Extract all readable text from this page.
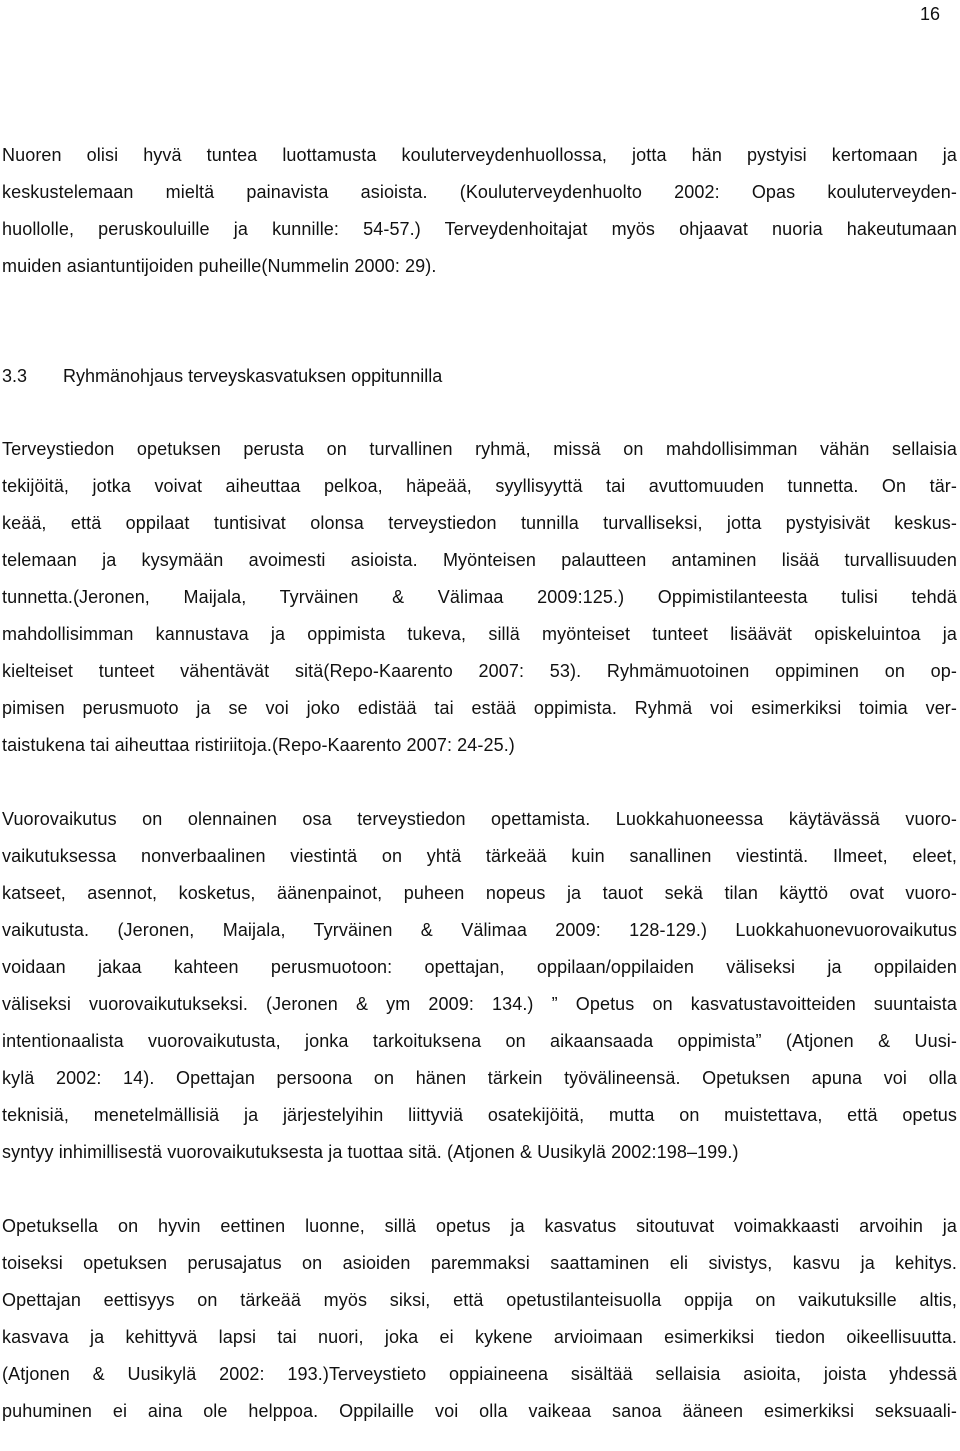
16

Nuoren olisi hyvä tuntea luottamusta kouluterveydenhuollossa, jotta hän pystyisi kertomaan ja
keskustelemaan mieltä painavista asioista. (Kouluterveydenhuolto 2002: Opas kouluterveyden-
huollolle, peruskouluille ja kunnille: 54-57.) Terveydenhoitajat myös ohjaavat nuoria hakeutumaan
muiden asiantuntijoiden puheille(Nummelin 2000: 29).

3.3 Ryhmänohjaus terveyskasvatuksen oppitunnilla

Terveystiedon opetuksen perusta on turvallinen ryhmä, missä on mahdollisimman vähän sellaisia
tekijöitä, jotka voivat aiheuttaa pelkoa, häpeää, syyllisyyttä tai avuttomuuden tunnetta. On tär-
keää, että oppilaat tuntisivat olonsa terveystiedon tunnilla turvalliseksi, jotta pystyisivät keskus-
telemaan ja kysymään avoimesti asioista. Myönteisen palautteen antaminen lisää turvallisuuden
tunnetta.(Jeronen, Maijala, Tyrväinen & Välimaa 2009:125.) Oppimistilanteesta tulisi tehdä
mahdollisimman kannustava ja oppimista tukeva, sillä myönteiset tunteet lisäävät opiskeluintoa ja
kielteiset tunteet vähentävät sitä(Repo-Kaarento 2007: 53). Ryhmämuotoinen oppiminen on op-
pimisen perusmuoto ja se voi joko edistää tai estää oppimista. Ryhmä voi esimerkiksi toimia ver-
taistukena tai aiheuttaa ristiriitoja.(Repo-Kaarento 2007: 24-25.)

Vuorovaikutus on olennainen osa terveystiedon opettamista. Luokkahuoneessa käytävässä vuoro-
vaikutuksessa nonverbaalinen viestintä on yhtä tärkeää kuin sanallinen viestintä. Ilmeet, eleet,
katseet, asennot, kosketus, äänenpainot, puheen nopeus ja tauot sekä tilan käyttö ovat vuoro-
vaikutusta. (Jeronen, Maijala, Tyrväinen & Välimaa 2009: 128-129.) Luokkahuonevuorovaikutus
voidaan jakaa kahteen perusmuotoon: opettajan, oppilaan/oppilaiden väliseksi ja oppilaiden
väliseksi vuorovaikutukseksi. (Jeronen & ym 2009: 134.) ” Opetus on kasvatustavoitteiden suuntaista
intentionaalista vuorovaikutusta, jonka tarkoituksena on aikaansaada oppimista” (Atjonen & Uusi-
kylä 2002: 14). Opettajan persoona on hänen tärkein työvälineensä. Opetuksen apuna voi olla
teknisiä, menetelmällisiä ja järjestelyihin liittyviä osatekijöitä, mutta on muistettava, että opetus
syntyy inhimillisestä vuorovaikutuksesta ja tuottaa sitä. (Atjonen & Uusikylä 2002:198–199.)

Opetuksella on hyvin eettinen luonne, sillä opetus ja kasvatus sitoutuvat voimakkaasti arvoihin ja
toiseksi opetuksen perusajatus on asioiden paremmaksi saattaminen eli sivistys, kasvu ja kehitys.
Opettajan eettisyys on tärkeää myös siksi, että opetustilanteisuolla oppija on vaikutuksille altis,
kasvava ja kehittyvä lapsi tai nuori, joka ei kykene arvioimaan esimerkiksi tiedon oikeellisuutta.
(Atjonen & Uusikylä 2002: 193.)Terveystieto oppiaineena sisältää sellaisia asioita, joista yhdessä
puhuminen ei aina ole helppoa. Oppilaille voi olla vaikeaa sanoa ääneen esimerkiksi seksuaali-
